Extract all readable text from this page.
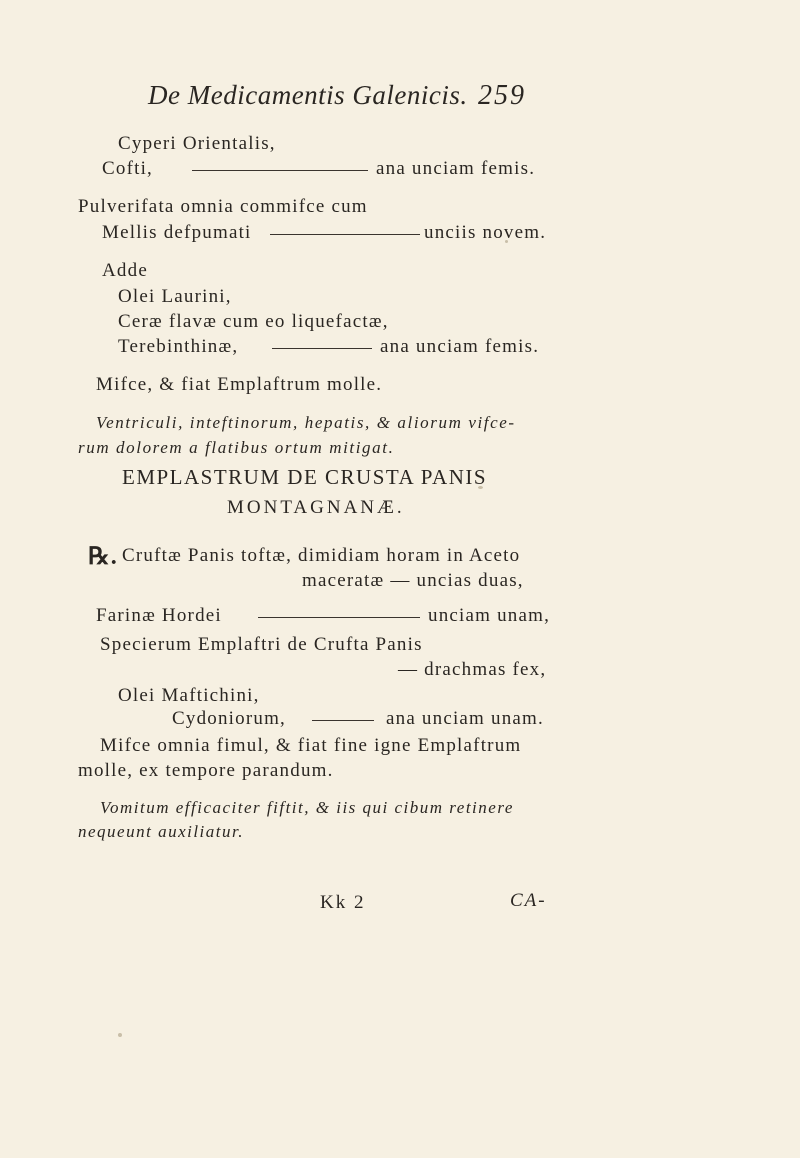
De Medicamentis Galenicis. 259
Cyperi Orientalis,
Cofti,	ana unciam femis.
Pulverifata omnia commifce cum
Mellis defpumati	unciis novem.
Adde
Olei Laurini,
Ceræ flavæ cum eo liquefactæ,
Terebinthinæ,	ana unciam femis.
Mifce, & fiat Emplaftrum molle.
Ventriculi, inteftinorum, hepatis, & aliorum vifce-
rum dolorem a flatibus ortum mitigat.
EMPLASTRUM DE CRUSTA PANIS
MONTAGNANÆ.
℞. Cruftæ Panis toftæ, dimidiam horam in Aceto
maceratæ — uncias duas,
Farinæ Hordei	unciam unam,
Specierum Emplaftri de Crufta Panis
— drachmas fex,
Olei Maftichini,
Cydoniorum,	ana unciam unam.
Mifce omnia fimul, & fiat fine igne Emplaftrum
molle, ex tempore parandum.
Vomitum efficaciter fiftit, & iis qui cibum retinere
nequeunt auxiliatur.
Kk 2	CA-
